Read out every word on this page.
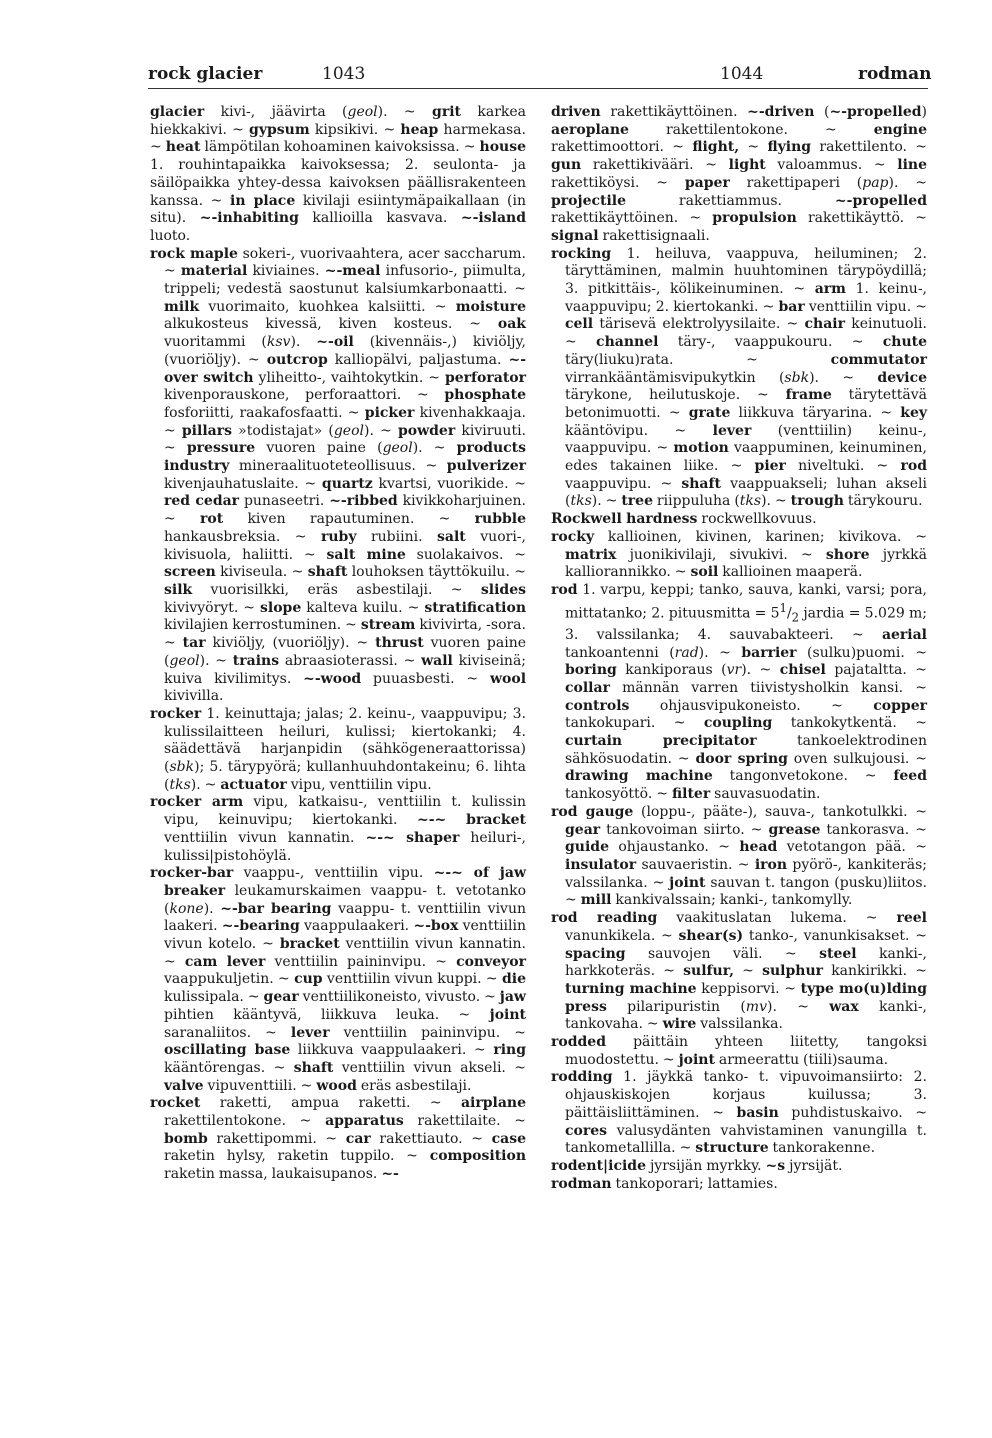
rock glacier	1043	1044	rodman
glacier kivi-, jäävirta (geol). ~ grit karkea hiekkakivi. ~ gypsum kipsikivi. ~ heap harmekasa. ~ heat lämpötilan kohoaminen kaivoksissa. ~ house 1. rouhintapaikka kaivoksessa; 2. seulonta- ja säilöpaikka yhtey-dessa kaivoksen päällisrakenteen kanssa. ~ in place kivilaji esiintymäpaikallaan (in situ). ~-inhabiting kallioilla kasvava. ~-island luoto.
rock maple sokeri-, vuorivaahtera, acer saccharum. ~ material kiviaines. ~-meal infusorio-, piimulta, trippeli; vedestä saostunut kalsiumkarbonaatti. ~ milk vuorimaito, kuohkea kalsiitti. ~ moisture alkukosteus kivessä, kiven kosteus. ~ oak vuoritammi (ksv). ~-oil (kivennäis-,) kiviöljy, (vuoriöljy). ~ outcrop kalliopälvi, paljastuma. ~-over switch yliheitto-, vaihtokytkin. ~ perforator kivenporauskone, perforaattori. ~ phosphate fosforiitti, raakafosfaatti. ~ picker kivenhakkaaja. ~ pillars »todistajat» (geol). ~ powder kiviruuti. ~ pressure vuoren paine (geol). ~ products industry mineraalituoteteollisuus. ~ pulverizer kivenjauhatuslaite. ~ quartz kvartsi, vuorikide. ~ red cedar punaseetri. ~-ribbed kivikkoharjuinen. ~ rot kiven rapautuminen. ~ rubble hankausbreksia. ~ ruby rubiini. salt vuori-, kivisuola, haliitti. ~ salt mine suolakaivos. ~ screen kiviseula. ~ shaft louhoksen täyttökuilu. ~ silk vuorisilkki, eräs asbestilaji. ~ slides kivivyöryt. ~ slope kalteva kuilu. ~ stratification kivilajien kerrostuminen. ~ stream kivivirta, -sora. ~ tar kiviöljy, (vuoriöljy). ~ thrust vuoren paine (geol). ~ trains abraasioterassi. ~ wall kiviseinä; kuiva kivilimitys. ~-wood puuasbesti. ~ wool kivivilla.
rocker 1. keinuttaja; jalas; 2. keinu-, vaappuvipu; 3. kulissilaitteen heiluri, kulissi; kiertokanki; 4. säädettävä harjanpidin (sähkögeneraattorissa) (sbk); 5. tärypyörä; kullanhuuhdontakeinu; 6. lihta (tks). ~ actuator vipu, venttiilin vipu.
rocker arm vipu, katkaisu-, venttiilin t. kulissin vipu, keinuvipu; kiertokanki. ~-~ bracket venttiilin vivun kannatin. ~-~ shaper heiluri-, kulissi|pistohöylä.
rocker-bar vaappu-, venttiilin vipu. ~-~ of jaw breaker leukamurskaimen vaappu- t. vetotanko (kone). ~-bar bearing vaappu- t. venttiilin vivun laakeri. ~-bearing vaappulaakeri. ~-box venttiilin vivun kotelo. ~ bracket venttiilin vivun kannatin. ~ cam lever venttiilin paininvipu. ~ conveyor vaappukuljetin. ~ cup venttiilin vivun kuppi. ~ die kulissipala. ~ gear venttiilikoneisto, vivusto. ~ jaw pihtien kääntyvä, liikkuva leuka. ~ joint saranaliitos. ~ lever venttiilin paininvipu. ~ oscillating base liikkuva vaappulaakeri. ~ ring kääntörengas. ~ shaft venttiilin vivun akseli. ~ valve vipuventtiili. ~ wood eräs asbestilaji.
rocket raketti, ampua raketti. ~ airplane rakettilentokone. ~ apparatus rakettilaite. ~ bomb rakettipommi. ~ car rakettiauto. ~ case raketin hylsy, raketin tuppilo. ~ composition raketin massa, laukaisupanos. ~-
driven rakettikäyttöinen. ~-driven (~-propelled) aeroplane rakettilentokone. ~ engine rakettimoottori. ~ flight, ~ flying rakettilento. ~ gun rakettikivääri. ~ light valoammus. ~ line rakettiköysi. ~ paper rakettipaperi (pap). ~ projectile rakettiammus. ~-propelled rakettikäyttöinen. ~ propulsion rakettikäyttö. ~ signal rakettisignaali.
rocking 1. heiluva, vaappuva, heiluminen; 2. täryttäminen, malmin huuhtominen tärypöydillä; 3. pitkittäis-, kölikeinuminen. ~ arm 1. keinu-, vaappuvipu; 2. kiertokanki. ~ bar venttiilin vipu. ~ cell tärisevä elektrolyysilaite. ~ chair keinutuoli. ~ channel täry-, vaappukouru. ~ chute täry(liuku)rata. ~ commutator virrankääntämisvipukytkin (sbk). ~ device tärykone, heilutuskoje. ~ frame tärytettävä betonimuotti. ~ grate liikkuva täryarina. ~ key kääntövipu. ~ lever (venttiilin) keinu-, vaappuvipu. ~ motion vaappuminen, keinuminen, edes takainen liike. ~ pier niveltuki. ~ rod vaappuvipu. ~ shaft vaappuakseli; luhan akseli (tks). ~ tree riippuluha (tks). ~ trough tärykouru.
Rockwell hardness rockwellkovuus.
rocky kallioinen, kivinen, karinen; kivikova. ~ matrix juonikivilaji, sivukivi. ~ shore jyrkkä kalliorannikko. ~ soil kallioinen maaperä.
rod 1. varpu, keppi; tanko, sauva, kanki, varsi; pora, mittatanko; 2. pituusmitta = $5^1/_2$ jardia = 5.029 m; 3. valssilanka; 4. sauvabakteeri. ~ aerial tankoantenni (rad). ~ barrier (sulku)puomi. ~ boring kankiporaus (vr). ~ chisel pajataltta. ~ collar männän varren tiivistysholkin kansi. ~ controls ohjausvipukoneisto. ~ copper tankokupari. ~ coupling tankokytkentä. ~ curtain precipitator tankoelektrodinen sähkösuodatin. ~ door spring oven sulkujousi. ~ drawing machine tangonvetokone. ~ feed tankosyöttö. ~ filter sauvasuodatin.
rod gauge (loppu-, pääte-), sauva-, tankotulkki. ~ gear tankovoiman siirto. ~ grease tankorasva. ~ guide ohjaustanko. ~ head vetotangon pää. ~ insulator sauvaeristin. ~ iron pyörö-, kankiteräs; valssilanka. ~ joint sauvan t. tangon (pusku)liitos. ~ mill kankivalssain; kanki-, tankomylly.
rod reading vaakituslatan lukema. ~ reel vanunkikela. ~ shear(s) tanko-, vanunkisakset. ~ spacing sauvojen väli. ~ steel kanki-, harkkoteräs. ~ sulfur, ~ sulphur kankirikki. ~ turning machine keppisorvi. ~ type mo(u)lding press pilaripuristin (mv). ~ wax kanki-, tankovaha. ~ wire valssilanka.
rodded päittäin yhteen liitetty, tangoksi muodostettu. ~ joint armeerattu (tiili)sauma.
rodding 1. jäykkä tanko- t. vipuvoimansiirto: 2. ohjauskiskojen korjaus kuilussa; 3. päittäisliittäminen. ~ basin puhdistuskaivo. ~ cores valusydänten vahvistaminen vanungilla t. tankometallilla. ~ structure tankorakenne.
rodent|icide jyrsijän myrkky. ~s jyrsijät.
rodman tankoporari; lattamies.
